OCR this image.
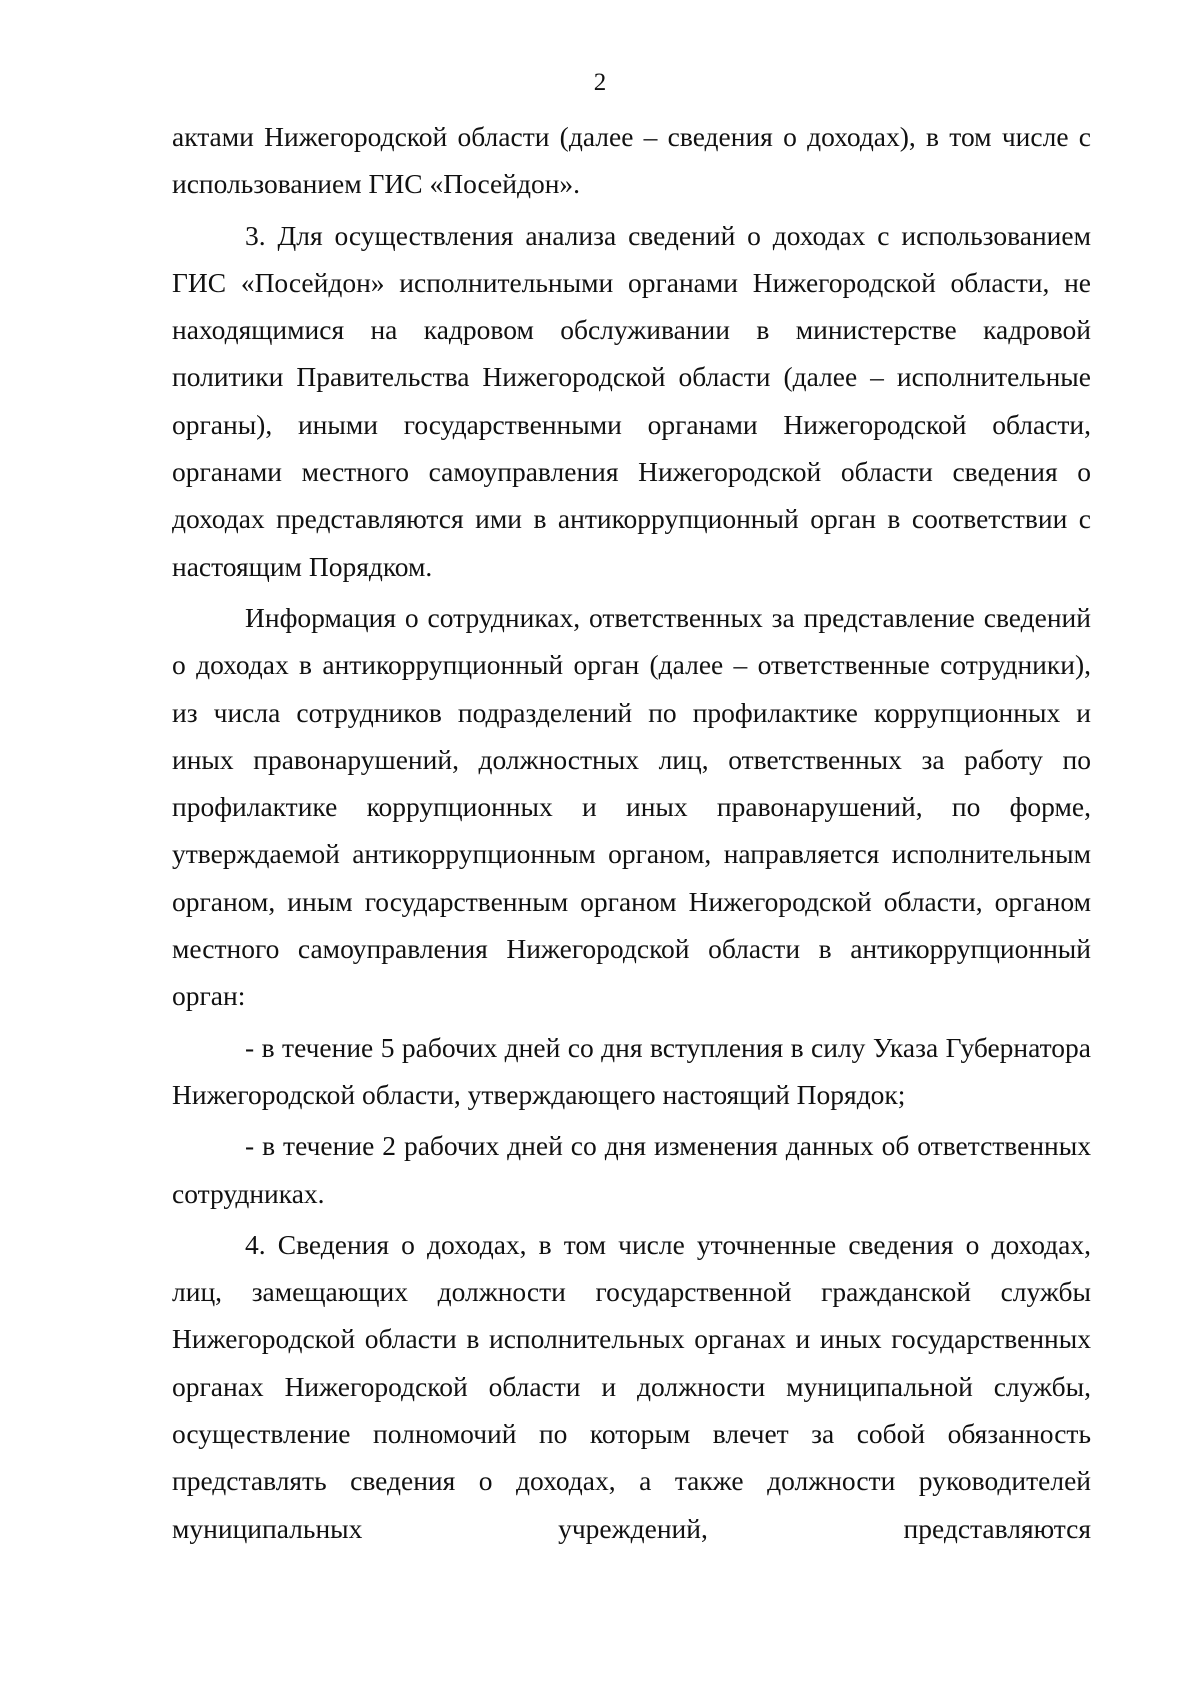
2

актами Нижегородской области (далее – сведения о доходах), в том числе с использованием ГИС «Посейдон».

3. Для осуществления анализа сведений о доходах с использованием ГИС «Посейдон» исполнительными органами Нижегородской области, не находящимися на кадровом обслуживании в министерстве кадровой политики Правительства Нижегородской области (далее – исполнительные органы), иными государственными органами Нижегородской области, органами местного самоуправления Нижегородской области сведения о доходах представляются ими в антикоррупционный орган в соответствии с настоящим Порядком.

Информация о сотрудниках, ответственных за представление сведений о доходах в антикоррупционный орган (далее – ответственные сотрудники), из числа сотрудников подразделений по профилактике коррупционных и иных правонарушений, должностных лиц, ответственных за работу по профилактике коррупционных и иных правонарушений, по форме, утверждаемой антикоррупционным органом, направляется исполнительным органом, иным государственным органом Нижегородской области, органом местного самоуправления Нижегородской области в антикоррупционный орган:

- в течение 5 рабочих дней со дня вступления в силу Указа Губернатора Нижегородской области, утверждающего настоящий Порядок;

- в течение 2 рабочих дней со дня изменения данных об ответственных сотрудниках.

4. Сведения о доходах, в том числе уточненные сведения о доходах, лиц, замещающих должности государственной гражданской службы Нижегородской области в исполнительных органах и иных государственных органах Нижегородской области и должности муниципальной службы, осуществление полномочий по которым влечет за собой обязанность представлять сведения о доходах, а также должности руководителей муниципальных учреждений, представляются
